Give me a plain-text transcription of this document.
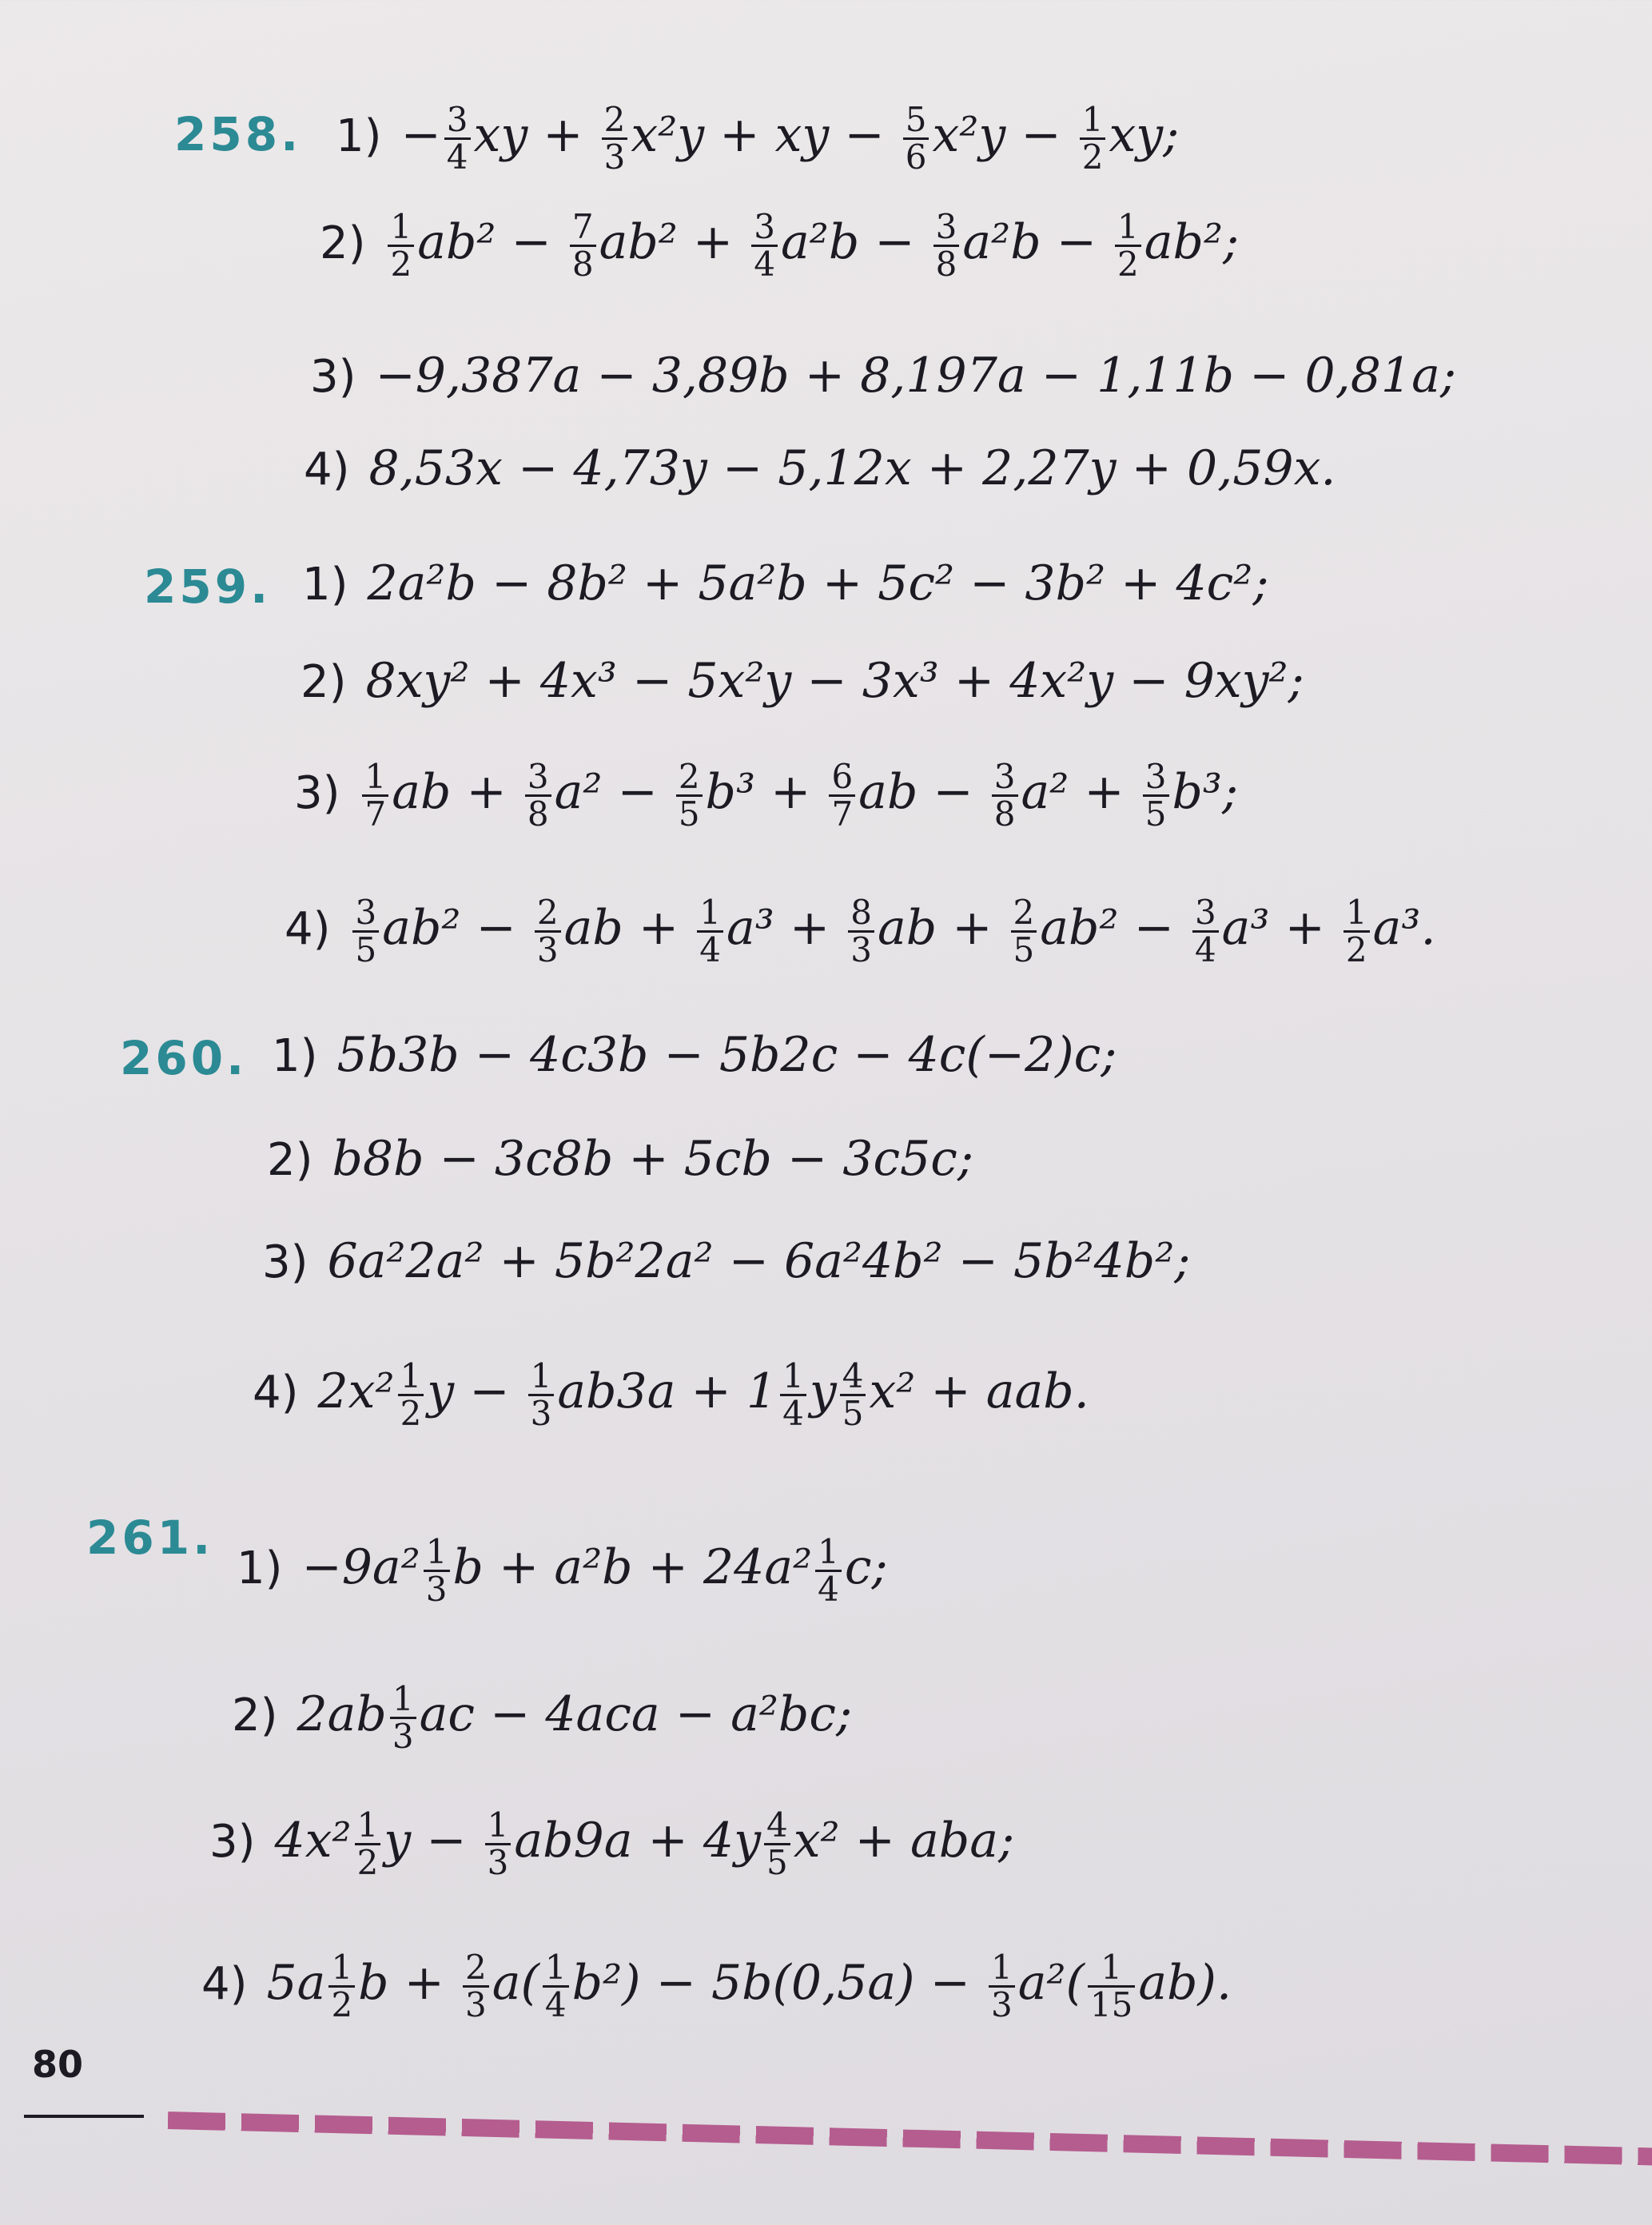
258. $1) - \frac{3}{4}$ xy + $\frac{2}{3} x^2y$ + xy − $\frac{5}{6} x^2y - \frac{1}{2}$ xy;
$2) \frac{1}{2} ab^2 - \frac{7}{8} ab^2 + \frac{3}{4} a^2b - \frac{3}{8} a^2b - \frac{1}{2} ab^2$;
3) −9,387a − 3,89b + 8,197a − 1,11b − 0,81a;
4) 8,53x − 4,73y − 5,12x + 2,27y + 0,59x.
259. 1) 2a²b − 8b² + 5a²b + 5c² − 3b² + 4c²;
2) 8xy² + 4x³ − 5x²y − 3x³ + 4x²y − 9xy²;
$3) \frac{1}{7}$ ab + $\frac{3}{8} a^2 - \frac{2}{5} b^3 + \frac{6}{7}$ ab − $\frac{3}{8} a^2 + \frac{3}{5} b^3$;
$4) \frac{3}{5} ab^2 - \frac{2}{3}$ ab + $\frac{1}{4} a^3 + \frac{8}{3}$ ab + $\frac{2}{5} ab^2 - \frac{3}{4} a^3 + \frac{1}{2} a^3$.
260. 1) 5b3b − 4c3b − 5b2c − 4c(−2)c;
2) b8b − 3c8b + 5cb − 3c5c;
3) 6a²2a² + 5b²2a² − 6a²4b² − 5b²4b²;
4) $2x^2 \frac{1}{2}$ $y - \frac{1}{3} ab3a + 1 \frac{1}{4}$ y $\frac{4}{5} x^2$ + aab.
261.
$1) -9a^2 \frac{1}{3}$ $b + a^2b + 24a^2 \frac{1}{4} c$;
2) $2ab \frac{1}{3}$ ac − 4aca − a²bc;
3) $4x^2 \frac{1}{2}$ $y - \frac{1}{3} ab9a + 4y \frac{4}{5} x^2$ + aba;
4) $5a \frac{1}{2}$ $b + \frac{2}{3} a( \frac{1}{4} b^2) - 5b(0,5a) - \frac{1}{3} a^2( \frac{1}{15} ab)$.
80
